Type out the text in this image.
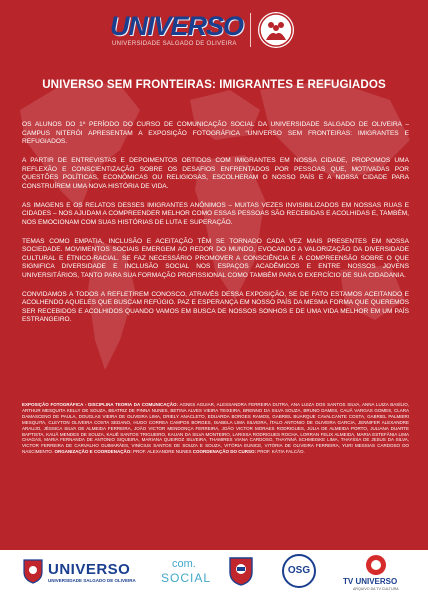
UNIVERSO
UNIVERSIDADE SALGADO DE OLIVEIRA
UNIVERSO SEM FRONTEIRAS: IMIGRANTES E REFUGIADOS

OS ALUNOS DO 1º PERÍODO DO CURSO DE COMUNICAÇÃO SOCIAL DA UNIVERSIDADE SALGADO DE OLIVEIRA – CAMPUS NITERÓI APRESENTAM A EXPOSIÇÃO FOTOGRÁFICA “UNIVERSO SEM FRONTEIRAS: IMIGRANTES E REFUGIADOS.

A PARTIR DE ENTREVISTAS E DEPOIMENTOS OBTIDOS COM IMIGRANTES EM NOSSA CIDADE, PROPOMOS UMA REFLEXÃO E CONSCIENTIZAÇÃO SOBRE OS DESAFIOS ENFRENTADOS POR PESSOAS QUE, MOTIVADAS POR QUESTÕES POLÍTICAS, ECONÔMICAS OU RELIGIOSAS, ESCOLHERAM O NOSSO PAÍS E A NOSSA CIDADE PARA CONSTRUÍREM UMA NOVA HISTÓRIA DE VIDA.

AS IMAGENS E OS RELATOS DESSES IMIGRANTES ANÔNIMOS – MUITAS VEZES INVISIBILIZADOS EM NOSSAS RUAS E CIDADES – NOS AJUDAM A COMPREENDER MELHOR COMO ESSAS PESSOAS SÃO RECEBIDAS E ACOLHIDAS E, TAMBÉM, NOS EMOCIONAM COM SUAS HISTÓRIAS DE LUTA E SUPERAÇÃO.

TEMAS COMO EMPATIA, INCLUSÃO E ACEITAÇÃO TÊM SE TORNADO CADA VEZ MAIS PRESENTES EM NOSSA SOCIEDADE. MOVIMENTOS SOCIAIS EMERGEM AO REDOR DO MUNDO, EVOCANDO A VALORIZAÇÃO DA DIVERSIDADE CULTURAL E ÉTNICO-RACIAL. SE FAZ NECESSÁRIO PROMOVER A CONSCIÊNCIA E A COMPREENSÃO SOBRE O QUE SIGNIFICA DIVERSIDADE E INCLUSÃO SOCIAL NOS ESPAÇOS ACADÊMICOS E ENTRE NOSSOS JOVENS UNIVERSITÁRIOS, TANTO PARA SUA FORMAÇÃO PROFISSIONAL COMO TAMBÉM PARA O EXERCÍCIO DE SUA CIDADANIA.

CONVIDAMOS A TODOS A REFLETIREM CONOSCO, ATRAVÉS DESSA EXPOSIÇÃO, SE DE FATO ESTAMOS ACEITANDO E ACOLHENDO AQUELES QUE BUSCAM REFÚGIO. PAZ E ESPERANÇA EM NOSSO PAÍS DA MESMA FORMA QUE QUEREMOS SER RECEBIDOS E ACOLHIDOS QUANDO VAMOS EM BUSCA DE NOSSOS SONHOS E DE UMA VIDA MELHOR EM UM PAÍS ESTRANGEIRO.

EXPOSIÇÃO FOTOGRÁFICA - DISCIPLINA TEORIA DA COMUNICAÇÃO: AGNES AGUIAR, ALESSANDRA FERREIRA DUTRA, ANA LUIZA DOS SANTOS SILVA, ANNA LUIZA BASÍLIO, ARTHUR MESQUITA KELLY DE SOUZA, BEATRIZ DE PINNA NUNES, BETINA ALVES VIEIRA TEIXEIRA, BRENNO DA SILVA SOUZA, BRUNO DAMES, CAUÃ VARGAS GOMES, CLARA DAMASCENO DE PAULA, DOUGLAS VIEIRA DE OLIVEIRA LIMA, DRIELY ANACLETO, EDUARDA BORGES RAMOS, GABRIEL BUARQUE CAVALCANTE COSTA, GABRIEL PALMIERI MESQUITA, CLEYTON OLIVEIRA COSTA SEDANO, HUGO CORREA CAMPOS BORGES, ISABELA LIMA SILVEIRA, ÍTALO ANTONIO DE OLIVEIRA GARCIA, JENNIFER ALEXANDRE ARAUJO, JÉSSICA SILVA DE ALMEIDA FERREIRA, JOÃO VICTOR MENDONÇA FERREIRA, JOÃO VICTOR MORAES RODRIGUES, JÚLIA DE ALMEIDA PORTO, JULIANA DUARTE BAPTISTA, KAUÃ MENDES DE SOUZA, KAUÊ SANTOS TRIGUEIRO, KAUAN DA SILVA MONTEIRO, LARISSA RODRIGUES ROCHA, LORRAN FELIX ALMEIDA, MARIA ESTEFÂNIA LIMA CHAGAS, MARIA FERNANDA DE ANTONIO SIQUEIRA, MARIANA QUEIROZ SILVEIRA, THAMIRES VIANA CARDOSO, THAYNNÁ SCHMEISKE LIMA, THAYSSA DE JESUS DA SILVA, VICTOR FERREIRA DE CARVALHO GUIMARÃES, VINÍCIUS SANTOS DE SOUZA E SOUZA, VITÓRIA EUNICE, VITÓRIA DE OLIVEIRA FERREIRA, YURI MESSIAS CARDOSO DO NASCIMENTO. ORGANIZAÇÃO E COORDENAÇÃO: PROF. ALEXANDRE NUNES COORDENAÇÃO DO CURSO: PROF. KÁTIA FALCÃO.
UNIVERSO
UNIVERSIDADE SALGADO DE OLIVEIRA
com.
SOCIAL
OSG
TV UNIVERSO
ARQUIVO DA TV CULTURA
